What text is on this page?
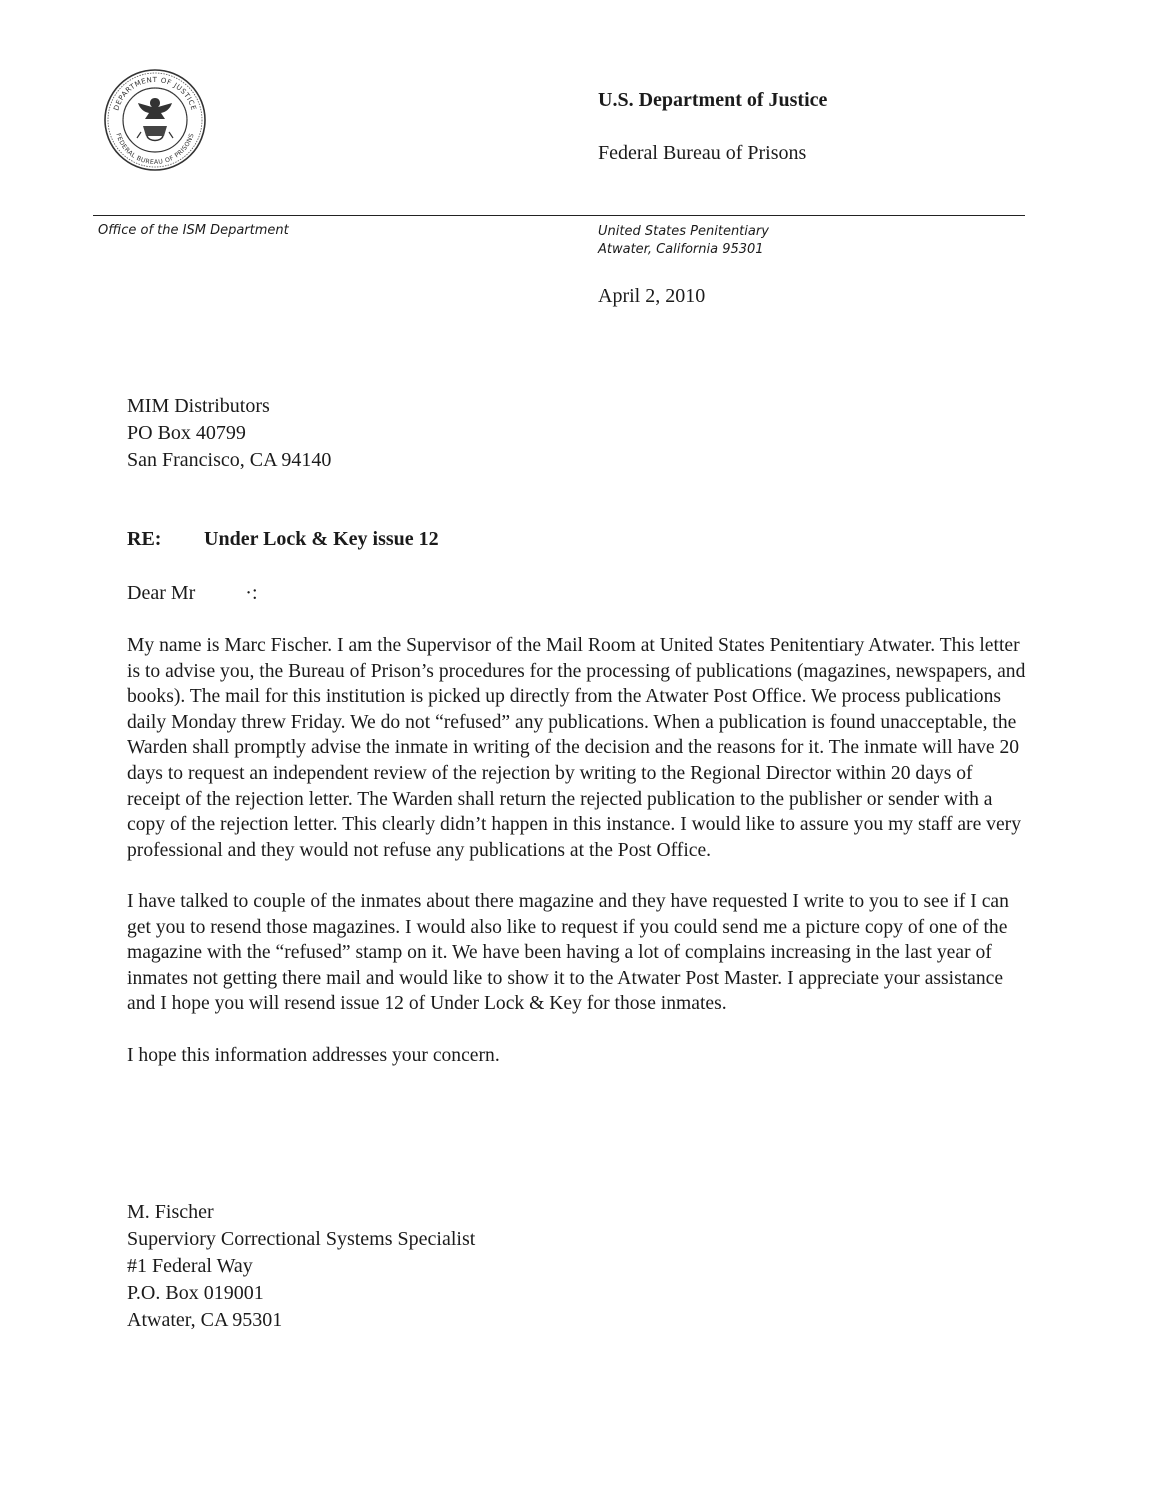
DEPARTMENT OF JUSTICE
FEDERAL BUREAU OF PRISONS
U.S. Department of Justice
Federal Bureau of Prisons
Office of the ISM Department	United States Penitentiary
Atwater, California 95301
April 2, 2010
MIM Distributors
PO Box 40799
San Francisco, CA 94140
RE: Under Lock & Key issue 12
Dear Mr          ·:

My name is Marc Fischer. I am the Supervisor of the Mail Room at United States Penitentiary Atwater. This letter is to advise you, the Bureau of Prison’s procedures for the processing of publications (magazines, newspapers, and books). The mail for this institution is picked up directly from the Atwater Post Office. We process publications daily Monday threw Friday. We do not “refused” any publications. When a publication is found unacceptable, the Warden shall promptly advise the inmate in writing of the decision and the reasons for it. The inmate will have 20 days to request an independent review of the rejection by writing to the Regional Director within 20 days of receipt of the rejection letter. The Warden shall return the rejected publication to the publisher or sender with a copy of the rejection letter. This clearly didn’t happen in this instance. I would like to assure you my staff are very professional and they would not refuse any publications at the Post Office.

I have talked to couple of the inmates about there magazine and they have requested I write to you to see if I can get you to resend those magazines. I would also like to request if you could send me a picture copy of one of the magazine with the “refused” stamp on it. We have been having a lot of complains increasing in the last year of inmates not getting there mail and would like to show it to the Atwater Post Master. I appreciate your assistance and I hope you will resend issue 12 of Under Lock & Key for those inmates.

I hope this information addresses your concern.

M. Fischer
Superviory Correctional Systems Specialist
#1 Federal Way
P.O. Box 019001
Atwater, CA 95301
